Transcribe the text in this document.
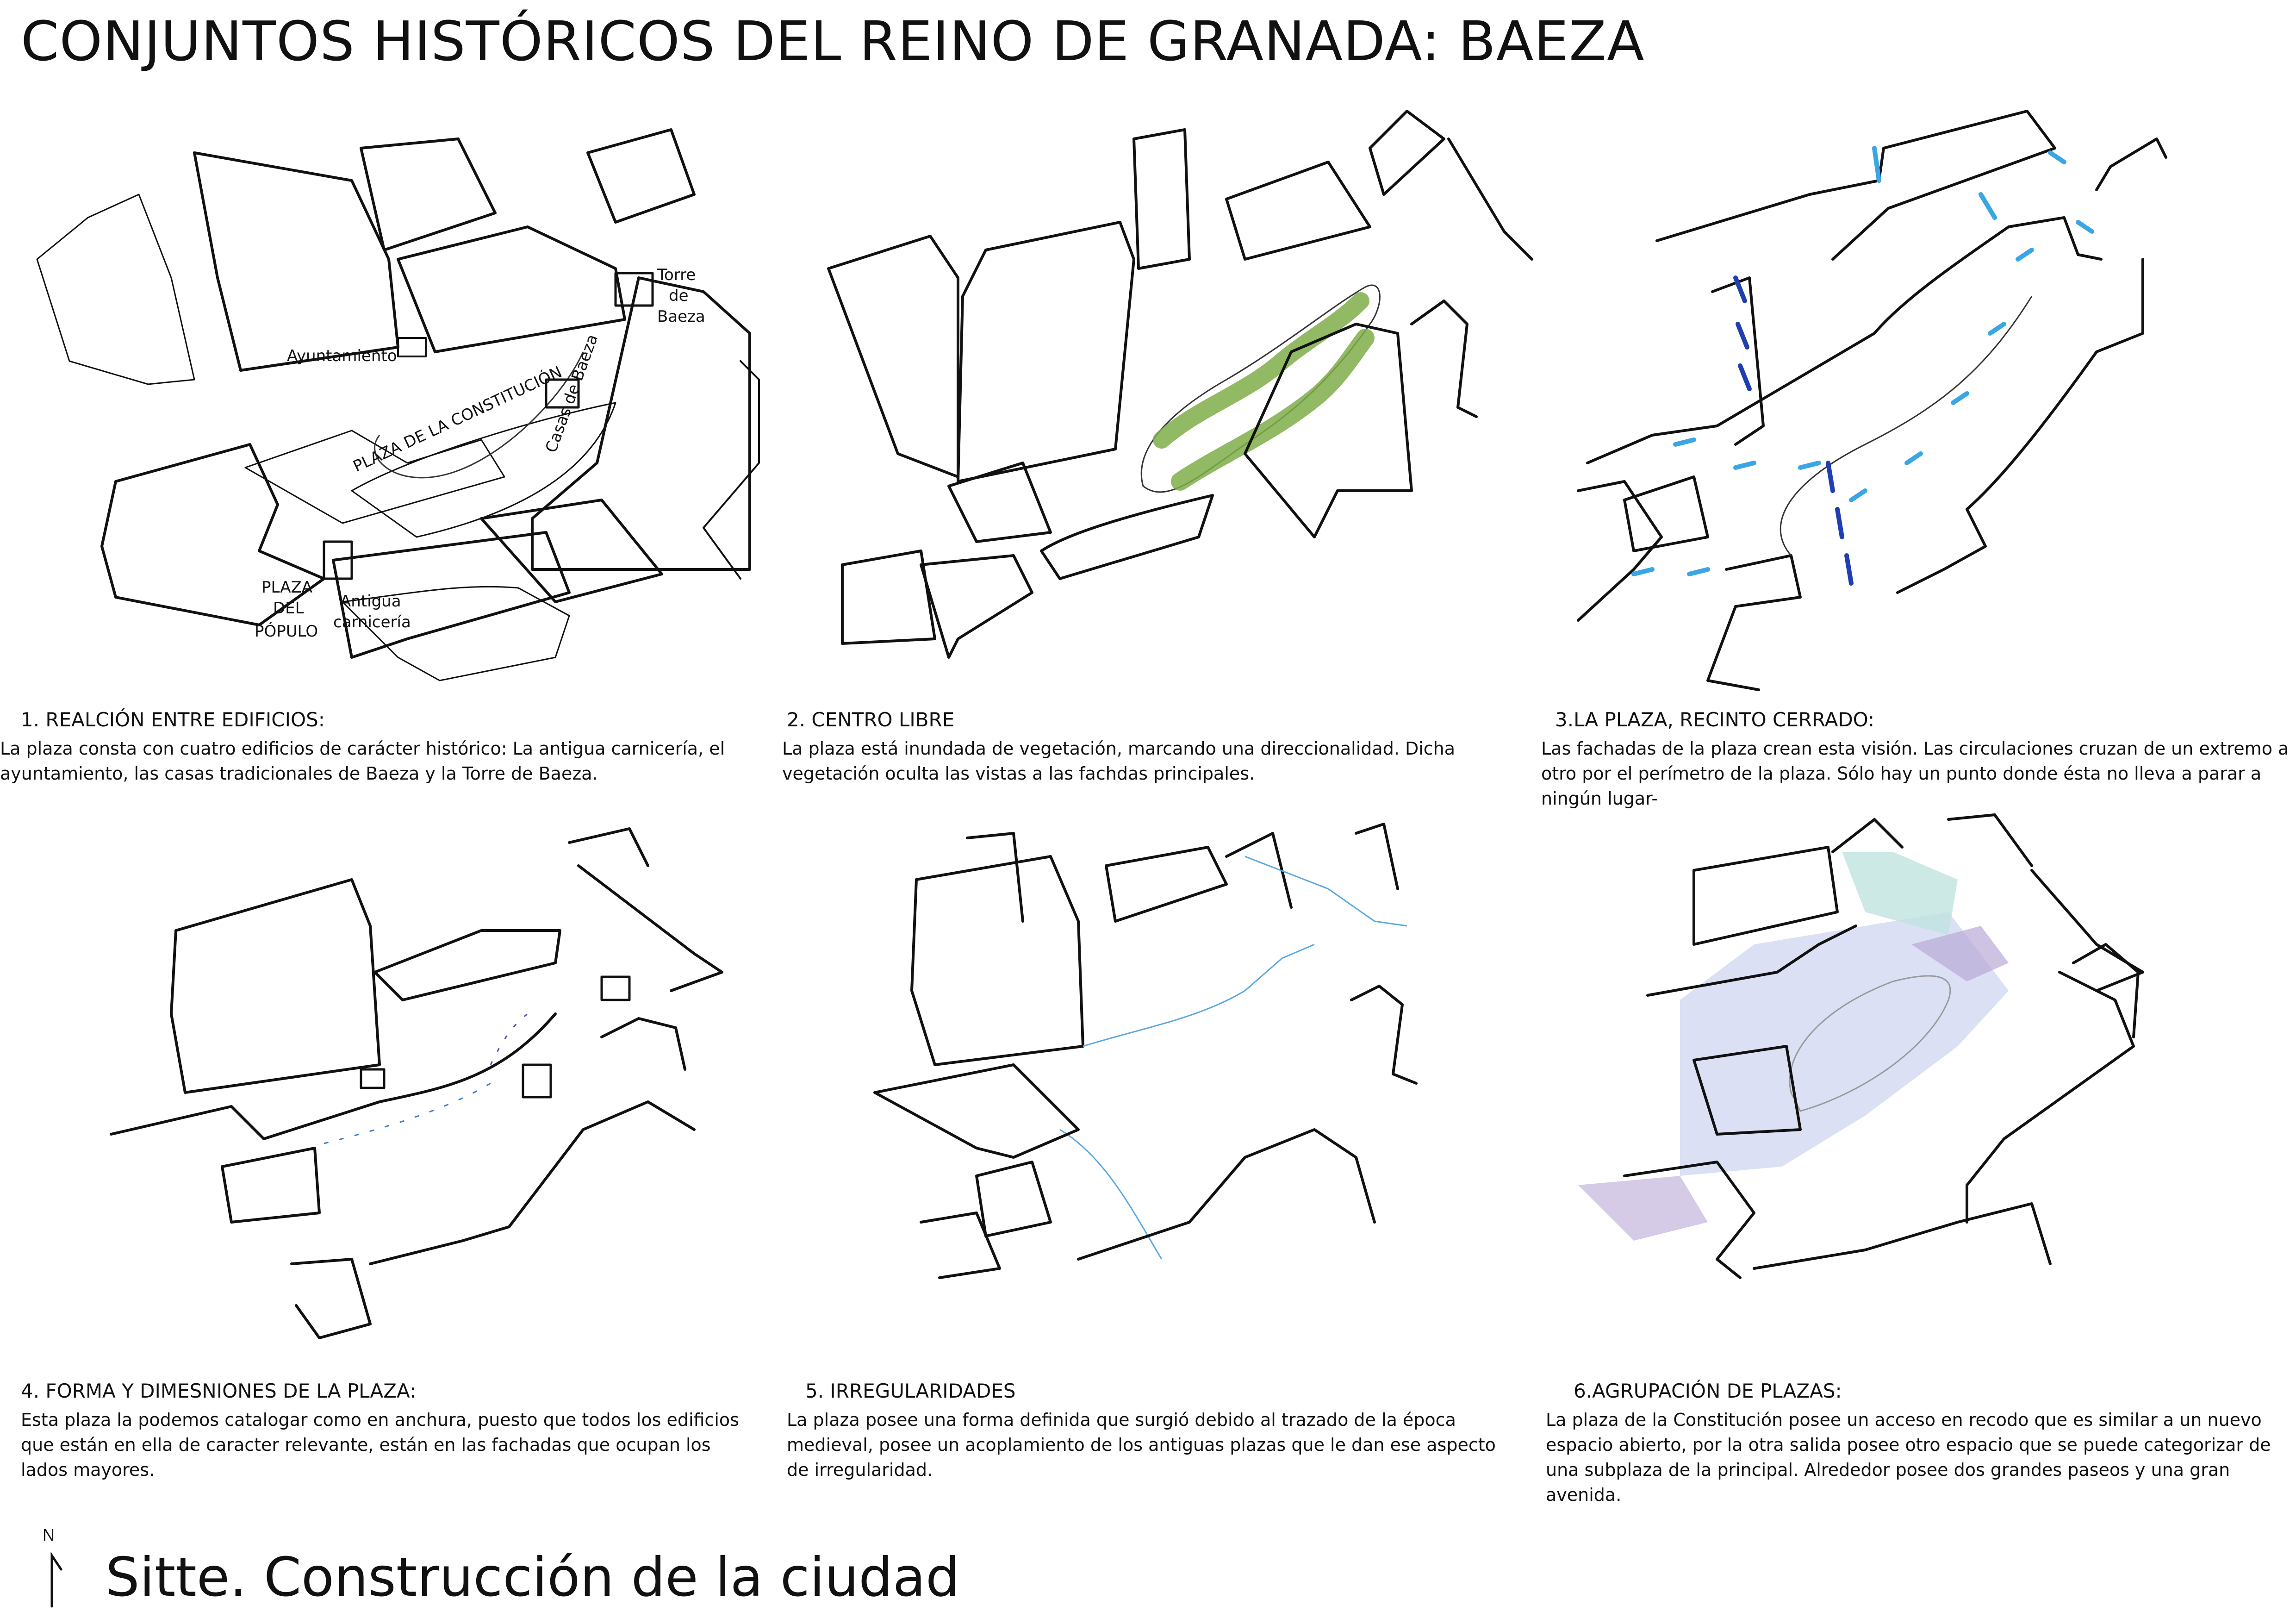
CONJUNTOS HISTÓRICOS DEL REINO DE GRANADA: BAEZA
PLAZA DE LA CONSTITUCIÓN
Ayuntamiento
Torre
de
Baeza
Casas de Baeza
PLAZA
DEL
PÓPULO
Antigua
carnicería
1. REALCIÓN ENTRE EDIFICIOS:
La plaza consta con cuatro edificios de carácter histórico: La antigua carnicería, el ayuntamiento, las casas tradicionales de Baeza y la Torre de Baeza.
2. CENTRO LIBRE
La plaza está inundada de vegetación, marcando una direccionalidad. Dicha vegetación oculta las vistas a las fachdas principales.
3.LA PLAZA, RECINTO CERRADO:
Las fachadas de la plaza crean esta visión. Las circulaciones cruzan de un extremo a otro por el perímetro de la plaza. Sólo hay un punto donde ésta no lleva a parar a ningún lugar-
4. FORMA Y DIMESNIONES DE LA PLAZA:
Esta plaza la podemos catalogar como en anchura, puesto que todos los edificios que están en ella de caracter relevante, están en las fachadas que ocupan los lados mayores.
5. IRREGULARIDADES
La plaza posee una forma definida que surgió debido al trazado de la época medieval, posee un acoplamiento de los antiguas plazas que le dan ese aspecto de irregularidad.
6.AGRUPACIÓN DE PLAZAS:
La plaza de la Constitución posee un acceso en recodo que es similar a un nuevo espacio abierto, por la otra salida posee otro espacio que se puede categorizar de una subplaza de la principal. Alrededor posee dos grandes paseos y una gran avenida.
N
Sitte. Construcción de la ciudad
